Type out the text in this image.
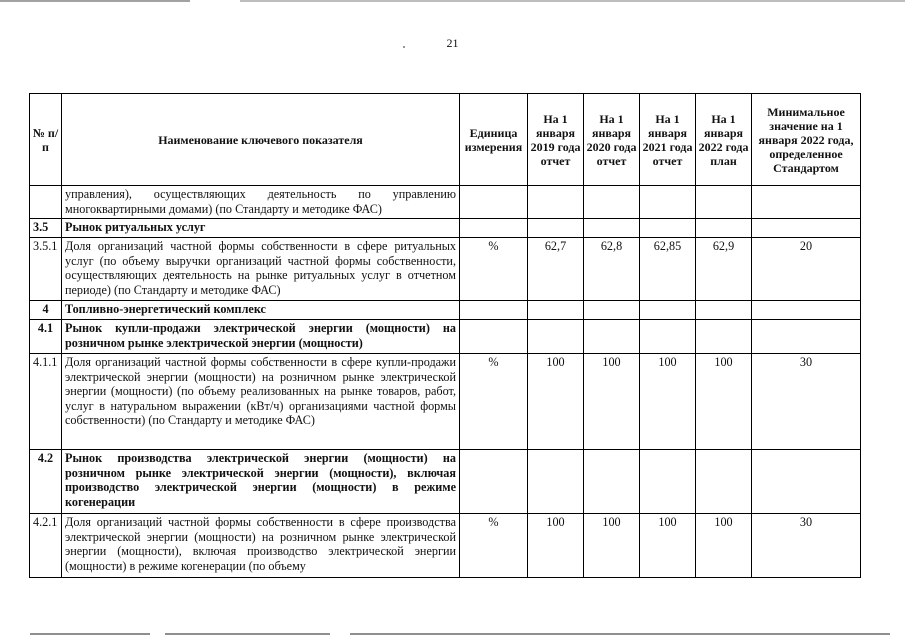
21
№ п/п	Наименование ключевого показателя	Единица измерения	На 1 января 2019 года отчет	На 1 января 2020 года отчет	На 1 января 2021 года отчет	На 1 января 2022 года план	Минимальное значение на 1 января 2022 года, определенное Стандартом
	управления), осуществляющих деятельность по управлению многоквартирными домами) (по Стандарту и методике ФАС)						
3.5	Рынок ритуальных услуг						
3.5.1	Доля организаций частной формы собственности в сфере ритуальных услуг (по объему выручки организаций частной формы собственности, осуществляющих деятельность на рынке ритуальных услуг в отчетном периоде) (по Стандарту и методике ФАС)	%	62,7	62,8	62,85	62,9	20
4	Топливно-энергетический комплекс						
4.1	Рынок купли-продажи электрической энергии (мощности) на розничном рынке электрической энергии (мощности)						
4.1.1	Доля организаций частной формы собственности в сфере купли-продажи электрической энергии (мощности) на розничном рынке электрической энергии (мощности) (по объему реализованных на рынке товаров, работ, услуг в натуральном выражении (кВт/ч) организациями частной формы собственности) (по Стандарту и методике ФАС)	%	100	100	100	100	30
4.2	Рынок производства электрической энергии (мощности) на розничном рынке электрической энергии (мощности), включая производство электрической энергии (мощности) в режиме когенерации						
4.2.1	Доля организаций частной формы собственности в сфере производства электрической энергии (мощности) на розничном рынке электрической энергии (мощности), включая производство электрической энергии (мощности) в режиме когенерации (по объему	%	100	100	100	100	30
